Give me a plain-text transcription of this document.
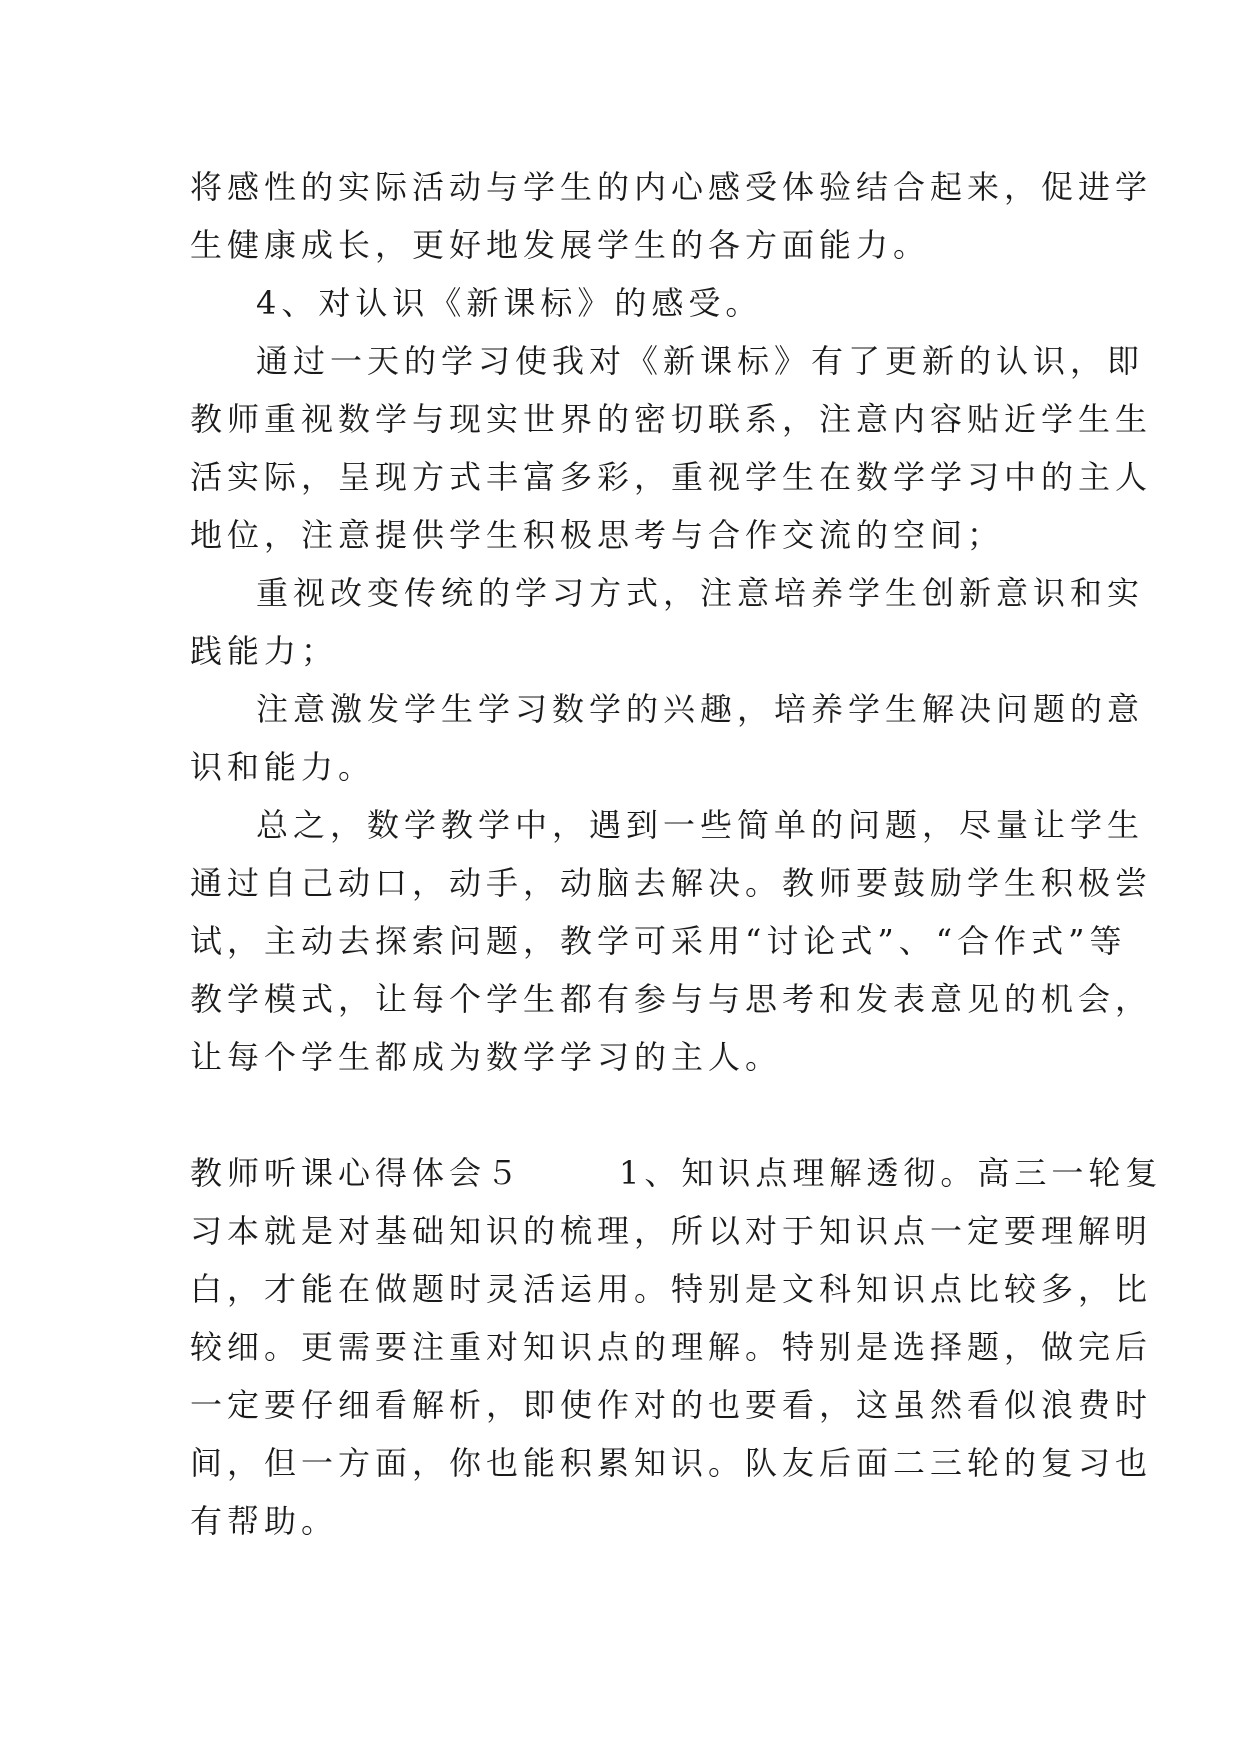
将感性的实际活动与学生的内心感受体验结合起来，促进学
生健康成长，更好地发展学生的各方面能力。
4、对认识《新课标》的感受。
通过一天的学习使我对《新课标》有了更新的认识，即
教师重视数学与现实世界的密切联系，注意内容贴近学生生
活实际，呈现方式丰富多彩，重视学生在数学学习中的主人
地位，注意提供学生积极思考与合作交流的空间；
重视改变传统的学习方式，注意培养学生创新意识和实
践能力；
注意激发学生学习数学的兴趣，培养学生解决问题的意
识和能力。
总之，数学教学中，遇到一些简单的问题，尽量让学生
通过自己动口，动手，动脑去解决。教师要鼓励学生积极尝
试，主动去探索问题，教学可采用“讨论式”、“合作式”等
教学模式，让每个学生都有参与与思考和发表意见的机会，
让每个学生都成为数学学习的主人。
教师听课心得体会５	1、知识点理解透彻。高三一轮复
习本就是对基础知识的梳理，所以对于知识点一定要理解明
白，才能在做题时灵活运用。特别是文科知识点比较多，比
较细。更需要注重对知识点的理解。特别是选择题，做完后
一定要仔细看解析，即使作对的也要看，这虽然看似浪费时
间，但一方面，你也能积累知识。队友后面二三轮的复习也
有帮助。
